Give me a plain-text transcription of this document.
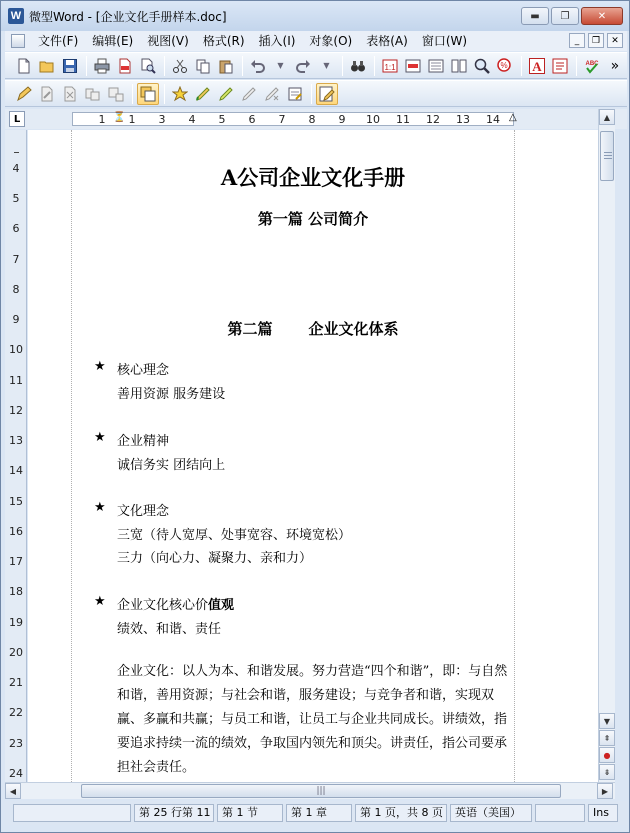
W 微型Word - [企业文化手册样本.doc]	▬	❐	✕
文件(F)	编辑(E)	视图(V)	格式(R)	插入(I)	对象(O)	表格(A)	窗口(W)	_	❐	✕
▼	▼	1:1	% A	ABC »
L	1 ⏳ 1 3 4 5 6 7 8 9 10 11 12 13 14 △
4
5
6
7
8
9
10
11
12
13
14
15
16
17
18
19
20
21
22
23
24
A公司企业文化手册
第一篇 公司简介
第二篇 企业文化体系
★ 核心理念
善用资源 服务建设
★ 企业精神
诚信务实 团结向上
★ 文化理念
三宽（待人宽厚、处事宽容、环境宽松）
三力（向心力、凝聚力、亲和力）
★ 企业文化核心价值观
绩效、和谐、责任
企业文化：以人为本、和谐发展。努力营造“四个和谐”，即：与自然和谐，善用资源；与社会和谐，服务建设；与竞争者和谐，实现双赢、多赢和共赢；与员工和谐，让员工与企业共同成长。讲绩效，指要追求持续一流的绩效，争取国内领先和顶尖。讲责任，指公司要承担社会责任。
▲
▼
⇞
●
⇟
◀	|||	▶
第 25 行第 11	第 1 节	第 1 章	第 1 页，共 8 页	英语（美国）	Ins
